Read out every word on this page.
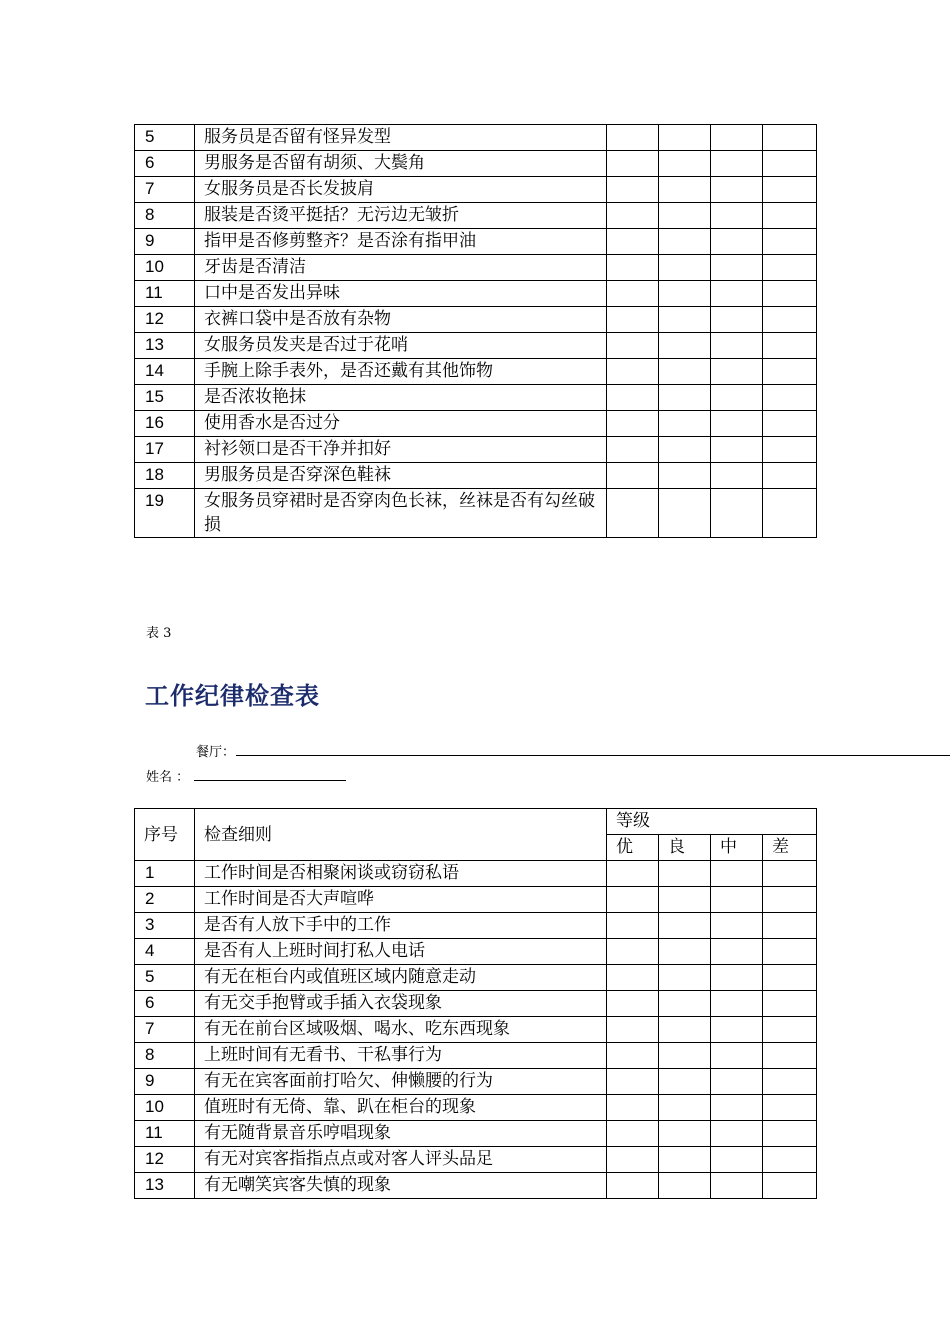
5	服务员是否留有怪异发型				
6	男服务是否留有胡须、大鬓角				
7	女服务员是否长发披肩				
8	服装是否烫平挺括？无污边无皱折				
9	指甲是否修剪整齐？是否涂有指甲油				
10	牙齿是否清洁				
11	口中是否发出异味				
12	衣裤口袋中是否放有杂物				
13	女服务员发夹是否过于花哨				
14	手腕上除手表外，是否还戴有其他饰物				
15	是否浓妆艳抹				
16	使用香水是否过分				
17	衬衫领口是否干净并扣好				
18	男服务员是否穿深色鞋袜				
19	女服务员穿裙时是否穿肉色长袜，丝袜是否有勾丝破损				
表 3
工作纪律检查表
餐厅：
姓名 ：
序号	检查细则	等级			
		优	良	中	差
1	工作时间是否相聚闲谈或窃窃私语				
2	工作时间是否大声喧哗				
3	是否有人放下手中的工作				
4	是否有人上班时间打私人电话				
5	有无在柜台内或值班区域内随意走动				
6	有无交手抱臂或手插入衣袋现象				
7	有无在前台区域吸烟、喝水、吃东西现象				
8	上班时间有无看书、干私事行为				
9	有无在宾客面前打哈欠、伸懒腰的行为				
10	值班时有无倚、靠、趴在柜台的现象				
11	有无随背景音乐哼唱现象				
12	有无对宾客指指点点或对客人评头品足				
13	有无嘲笑宾客失慎的现象				
